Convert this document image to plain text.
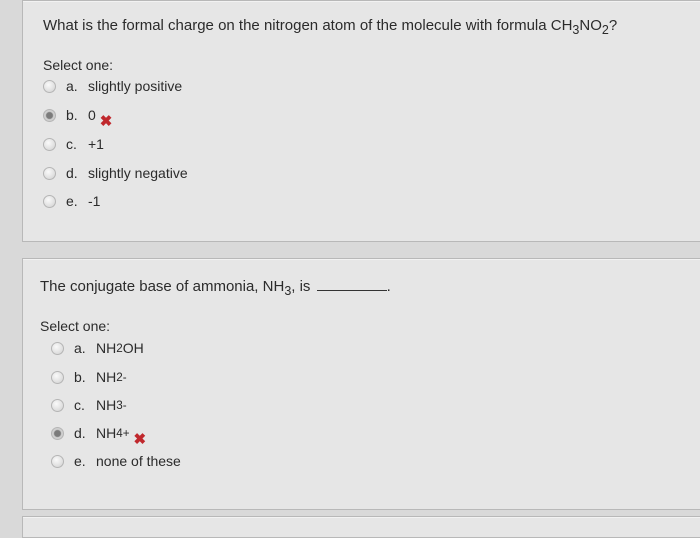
What is the formal charge on the nitrogen atom of the molecule with formula $CH_3NO_2$?
Select one:
a. slightly positive
b. 0 ✖
c. +1
d. slightly negative
e. -1
The conjugate base of ammonia, $NH_3$, is	.
Select one:
a. NH 2 OH
b. NH 2 -
c. NH 3 -
d. NH 4 + ✖
e. none of these
